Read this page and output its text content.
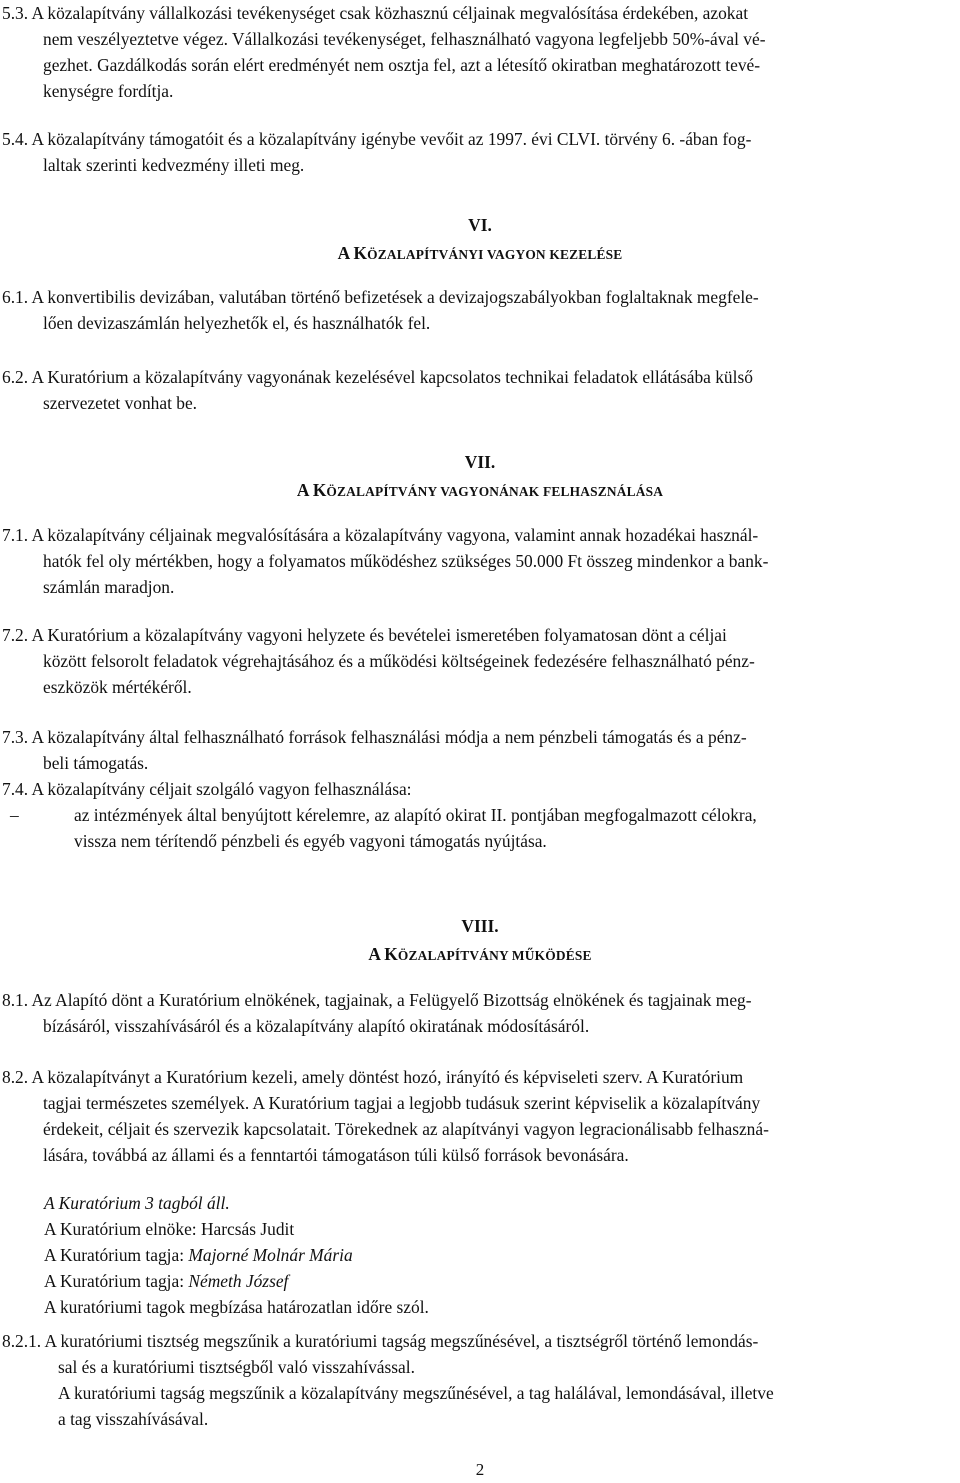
5.3. A közalapítvány vállalkozási tevékenységet csak közhasznú céljainak megvalósítása érdekében, azokat
nem veszélyeztetve végez. Vállalkozási tevékenységet, felhasználható vagyona legfeljebb 50%-ával vé-
gezhet. Gazdálkodás során elért eredményét nem osztja fel, azt a létesítő okiratban meghatározott tevé-
kenységre fordítja.
5.4. A közalapítvány támogatóit és a közalapítvány igénybe vevőit az 1997. évi CLVI. törvény 6. -ában fog-
laltak szerinti kedvezmény illeti meg.
VI.
A KÖZALAPÍTVÁNYI VAGYON KEZELÉSE
6.1. A konvertibilis devizában, valutában történő befizetések a devizajogszabályokban foglaltaknak megfele-
lően devizaszámlán helyezhetők el, és használhatók fel.
6.2. A Kuratórium a közalapítvány vagyonának kezelésével kapcsolatos technikai feladatok ellátásába külső
szervezetet vonhat be.
VII.
A KÖZALAPÍTVÁNY VAGYONÁNAK FELHASZNÁLÁSA
7.1. A közalapítvány céljainak megvalósítására a közalapítvány vagyona, valamint annak hozadékai használ-
hatók fel oly mértékben, hogy a folyamatos működéshez szükséges 50.000 Ft összeg mindenkor a bank-
számlán maradjon.
7.2. A Kuratórium a közalapítvány vagyoni helyzete és bevételei ismeretében folyamatosan dönt a céljai
között felsorolt feladatok végrehajtásához és a működési költségeinek fedezésére felhasználható pénz-
eszközök mértékéről.
7.3. A közalapítvány által felhasználható források felhasználási módja a nem pénzbeli támogatás és a pénz-
beli támogatás.
7.4. A közalapítvány céljait szolgáló vagyon felhasználása:
–	az intézmények által benyújtott kérelemre, az alapító okirat II. pontjában megfogalmazott célokra,
vissza nem térítendő pénzbeli és egyéb vagyoni támogatás nyújtása.
VIII.
A KÖZALAPÍTVÁNY MŰKÖDÉSE
8.1. Az Alapító dönt a Kuratórium elnökének, tagjainak, a Felügyelő Bizottság elnökének és tagjainak meg-
bízásáról, visszahívásáról és a közalapítvány alapító okiratának módosításáról.
8.2. A közalapítványt a Kuratórium kezeli, amely döntést hozó, irányító és képviseleti szerv. A Kuratórium
tagjai természetes személyek. A Kuratórium tagjai a legjobb tudásuk szerint képviselik a közalapítvány
érdekeit, céljait és szervezik kapcsolatait. Törekednek az alapítványi vagyon legracionálisabb felhaszná-
lására, továbbá az állami és a fenntartói támogatáson túli külső források bevonására.
A Kuratórium 3 tagból áll.
A Kuratórium elnöke: Harcsás Judit
A Kuratórium tagja: Majorné Molnár Mária
A Kuratórium tagja: Németh József
A kuratóriumi tagok megbízása határozatlan időre szól.
8.2.1. A kuratóriumi tisztség megszűnik a kuratóriumi tagság megszűnésével, a tisztségről történő lemondás-
sal és a kuratóriumi tisztségből való visszahívással.
A kuratóriumi tagság megszűnik a közalapítvány megszűnésével, a tag halálával, lemondásával, illetve
a tag visszahívásával.
2
